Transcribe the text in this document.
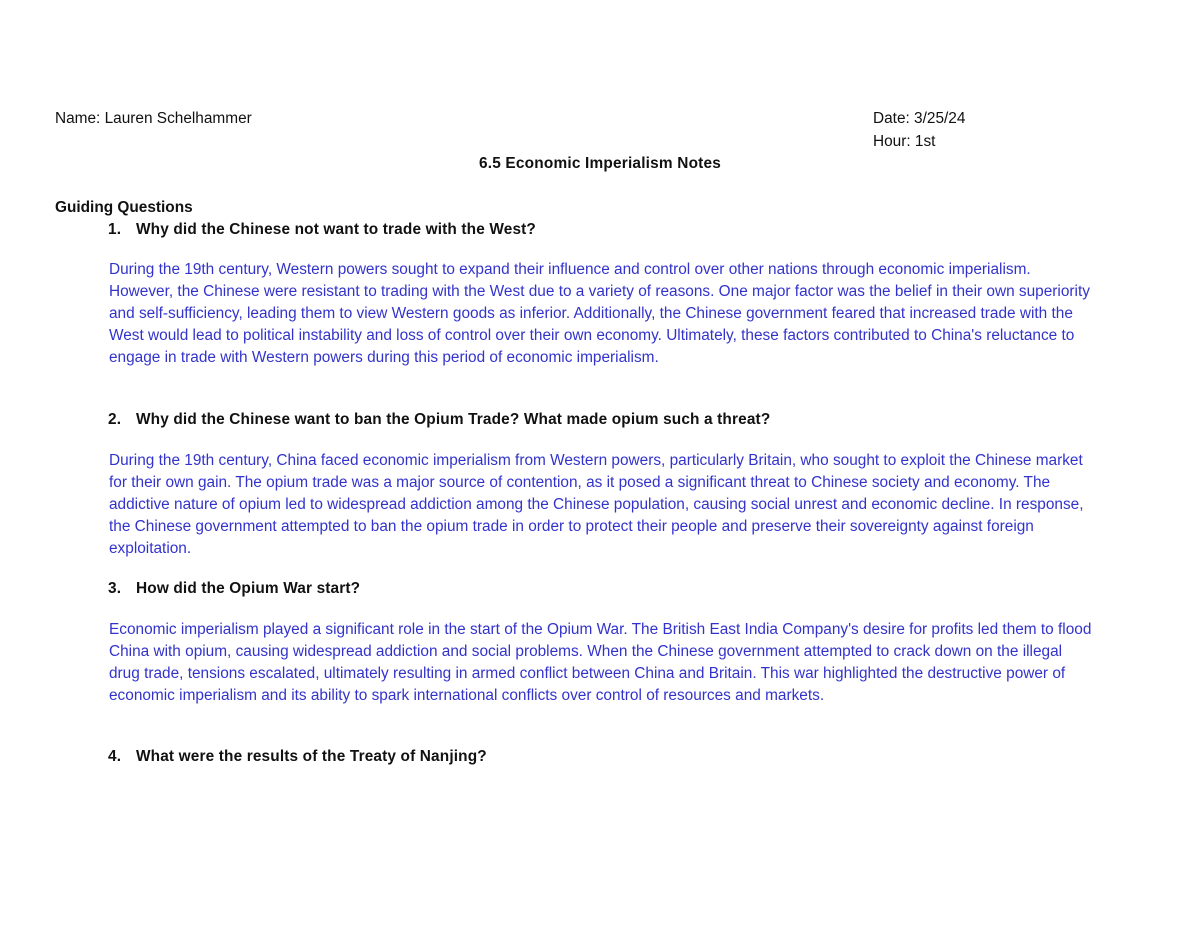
Name: Lauren Schelhammer	Date: 3/25/24
Hour: 1st
6.5 Economic Imperialism Notes
Guiding Questions
1. Why did the Chinese not want to trade with the West?
During the 19th century, Western powers sought to expand their influence and control over other nations through economic imperialism. However, the Chinese were resistant to trading with the West due to a variety of reasons. One major factor was the belief in their own superiority and self-sufficiency, leading them to view Western goods as inferior. Additionally, the Chinese government feared that increased trade with the West would lead to political instability and loss of control over their own economy. Ultimately, these factors contributed to China's reluctance to engage in trade with Western powers during this period of economic imperialism.
2. Why did the Chinese want to ban the Opium Trade? What made opium such a threat?
During the 19th century, China faced economic imperialism from Western powers, particularly Britain, who sought to exploit the Chinese market for their own gain. The opium trade was a major source of contention, as it posed a significant threat to Chinese society and economy. The addictive nature of opium led to widespread addiction among the Chinese population, causing social unrest and economic decline. In response, the Chinese government attempted to ban the opium trade in order to protect their people and preserve their sovereignty against foreign exploitation.
3. How did the Opium War start?
Economic imperialism played a significant role in the start of the Opium War. The British East India Company's desire for profits led them to flood China with opium, causing widespread addiction and social problems. When the Chinese government attempted to crack down on the illegal drug trade, tensions escalated, ultimately resulting in armed conflict between China and Britain. This war highlighted the destructive power of economic imperialism and its ability to spark international conflicts over control of resources and markets.
4. What were the results of the Treaty of Nanjing?
